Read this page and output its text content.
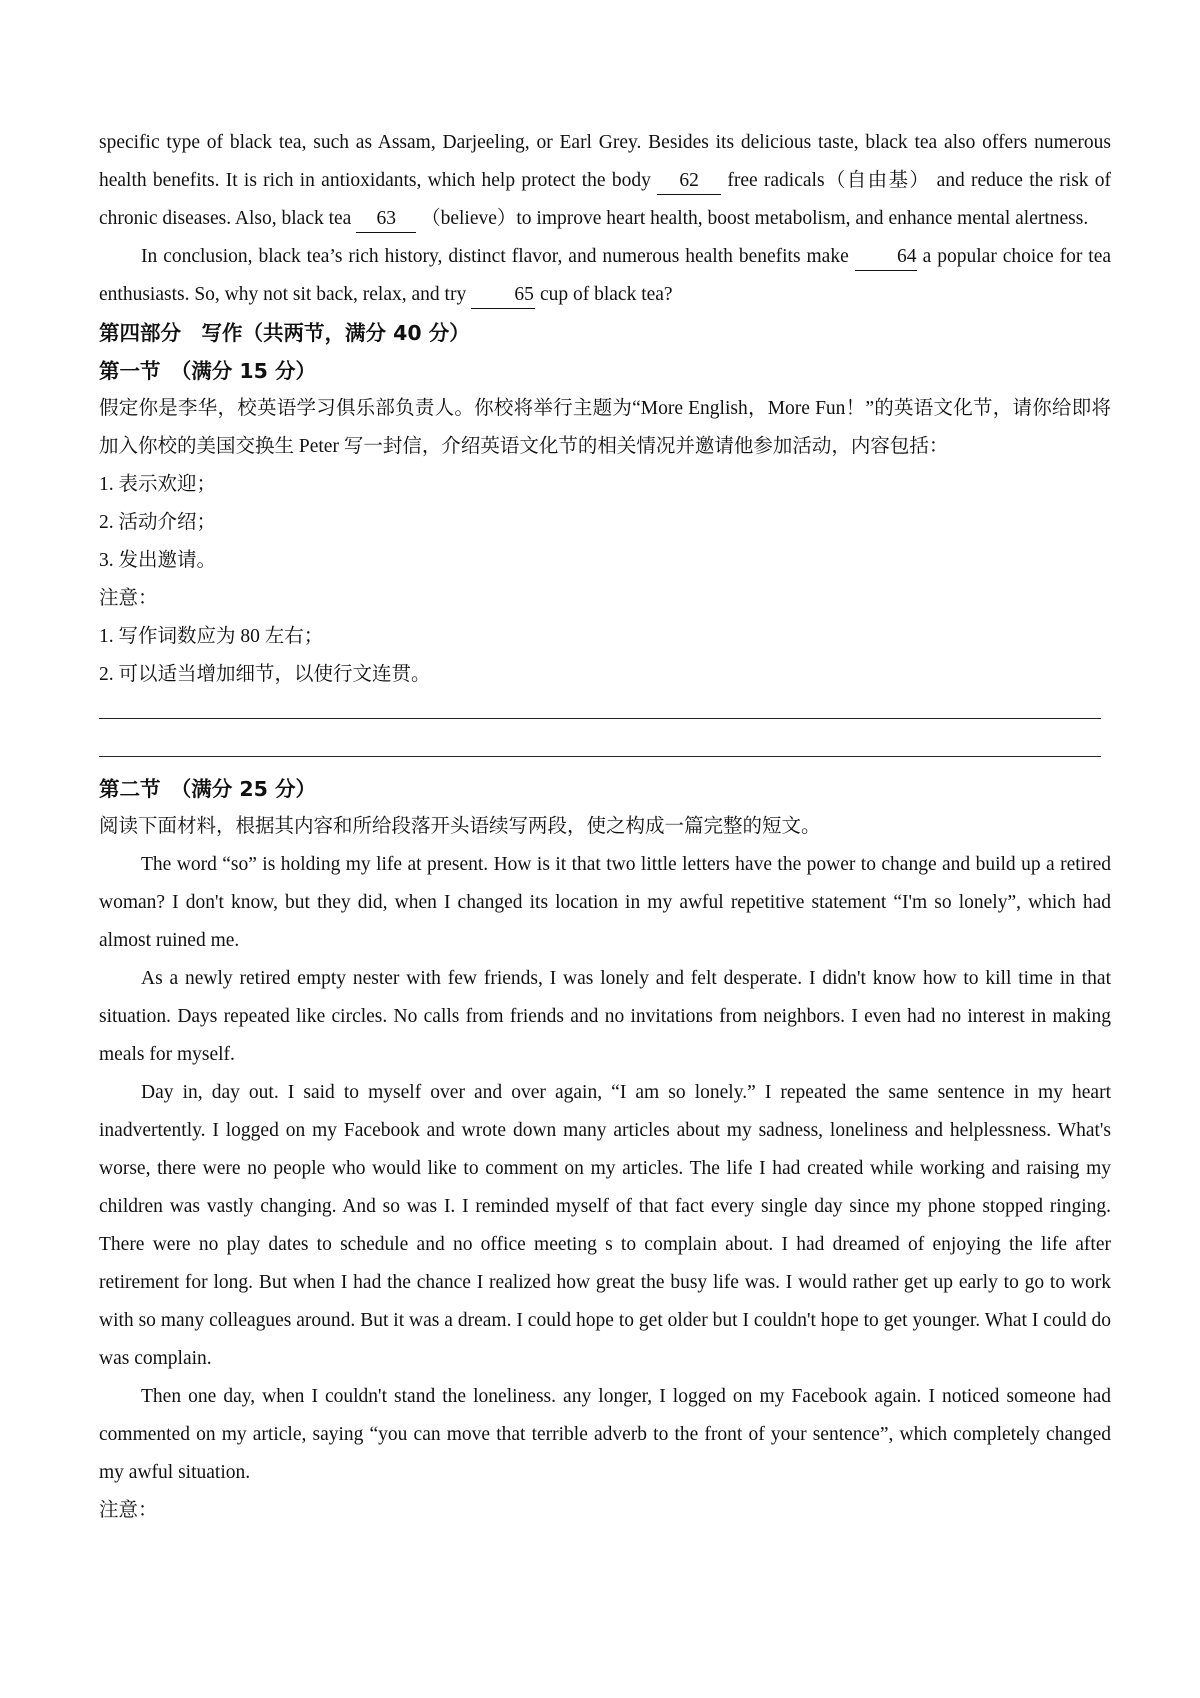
specific type of black tea, such as Assam, Darjeeling, or Earl Grey. Besides its delicious taste, black tea also offers numerous health benefits. It is rich in antioxidants, which help protect the body 62 free radicals（自由基） and reduce the risk of chronic diseases. Also, black tea 63 （believe）to improve heart health, boost metabolism, and enhance mental alertness.

In conclusion, black tea’s rich history, distinct flavor, and numerous health benefits make 64 a popular choice for tea enthusiasts. So, why not sit back, relax, and try 65 cup of black tea?

第四部分　写作（共两节，满分 40 分）
第一节　（满分 15 分）

假定你是李华，校英语学习俱乐部负责人。你校将举行主题为“More English，More Fun！”的英语文化节，请你给即将加入你校的美国交换生 Peter 写一封信，介绍英语文化节的相关情况并邀请他参加活动，内容包括：

1. 表示欢迎；
2. 活动介绍；
3. 发出邀请。
注意：
1. 写作词数应为 80 左右；
2. 可以适当增加细节，以使行文连贯。
第二节　（满分 25 分）

阅读下面材料，根据其内容和所给段落开头语续写两段，使之构成一篇完整的短文。

The word “so” is holding my life at present. How is it that two little letters have the power to change and build up a retired woman? I don't know, but they did, when I changed its location in my awful repetitive statement “I'm so lonely”, which had almost ruined me.

As a newly retired empty nester with few friends, I was lonely and felt desperate. I didn't know how to kill time in that situation. Days repeated like circles. No calls from friends and no invitations from neighbors. I even had no interest in making meals for myself.

Day in, day out. I said to myself over and over again, “I am so lonely.” I repeated the same sentence in my heart inadvertently. I logged on my Facebook and wrote down many articles about my sadness, loneliness and helplessness. What's worse, there were no people who would like to comment on my articles. The life I had created while working and raising my children was vastly changing. And so was I. I reminded myself of that fact every single day since my phone stopped ringing. There were no play dates to schedule and no office meeting s to complain about. I had dreamed of enjoying the life after retirement for long. But when I had the chance I realized how great the busy life was. I would rather get up early to go to work with so many colleagues around. But it was a dream. I could hope to get older but I couldn't hope to get younger. What I could do was complain.

Then one day, when I couldn't stand the loneliness. any longer, I logged on my Facebook again. I noticed someone had commented on my article, saying “you can move that terrible adverb to the front of your sentence”, which completely changed my awful situation.

注意：
